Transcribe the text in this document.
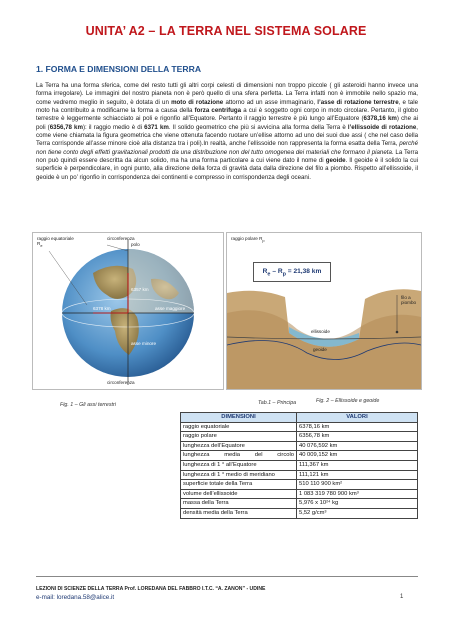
UNITA’ A2 – LA TERRA NEL SISTEMA SOLARE
1. FORMA E DIMENSIONI DELLA TERRA
La Terra ha una forma sferica, come del resto tutti gli altri corpi celesti di dimensioni non troppo piccole ( gli asteroidi hanno invece una forma irregolare). Le immagini del nostro pianeta non è però quello di una sfera perfetta. La Terra infatti non è immobile nello spazio ma, come vedremo meglio in seguito, è dotata di un moto di rotazione attorno ad un asse immaginario, l’asse di rotazione terrestre, e tale moto ha contribuito a modificarne la forma a causa della forza centrifuga a cui è soggetto ogni corpo in moto circolare. Pertanto, il globo terrestre è leggermente schiacciato ai poli e rigonfio all’Equatore. Pertanto il raggio terrestre è più lungo all’Equatore (6378,16 km) che ai poli (6356,78 km): il raggio medio è di 6371 km. Il solido geometrico che più si avvicina alla forma della Terra è l’ellissoide di rotazione, come viene chiamata la figura geometrica che viene ottenuta facendo ruotare un’ellise attorno ad uno dei suoi due assi ( che nel caso della Terra corrisponde all’asse minore cioè alla distanza tra i poli).In realtà, anche l’ellissoide non rappresenta la forma esatta della Terra, perché non tiene conto degli effetti gravitazionali prodotti da una distribuzione non del tutto omogenea dei materiali che formano il pianeta. La Terra non può quindi essere descritta da alcun solido, ma ha una forma particolare a cui viene dato il nome di geoide. Il geoide è il solido la cui superficie è perpendicolare, in ogni punto, alla direzione della forza di gravità data dalla direzione del filo a piombo. Rispetto all’ellissoide, il geoide è un po’ rigonfio in corrispondenza dei continenti e compresso in corrispondenza degli oceani.
raggio equatoriale $R_e$
circonferenza
polo
6378 km
6357 km
asse maggiore
asse minore
circonferenza
Fig. 1 – Gli assi terrestri
ellissoide
geoide
filo a piombo
raggio polare $R_p$
$R_e - R_p = 21,38$ km
Fig. 2 – Ellissoide e geoide
Tab.1 – Principa
DIMENSIONI	VALORI
raggio equatoriale	6378,16 km
raggio polare	6356,78 km
lunghezza dell’Equatore	40 076,592 km
lunghezza media del circolo	40 009,152 km
lunghezza di 1 ° all’Equatore	111,367 km
lunghezza di 1 ° medio di meridiano	111,121 km
superficie totale della Terra	510 110 900 km²
volume dell’ellissoide	1 083 319 780 900 km³
massa della Terra	5,976 x 10²⁴ kg
densità media della Terra	5,52 g/cm³
LEZIONI DI SCIENZE DELLA TERRA Prof. LOREDANA DEL FABBRO I.T.C. “A. ZANON” - UDINE
e-mail: loredana.58@alice.it	1
